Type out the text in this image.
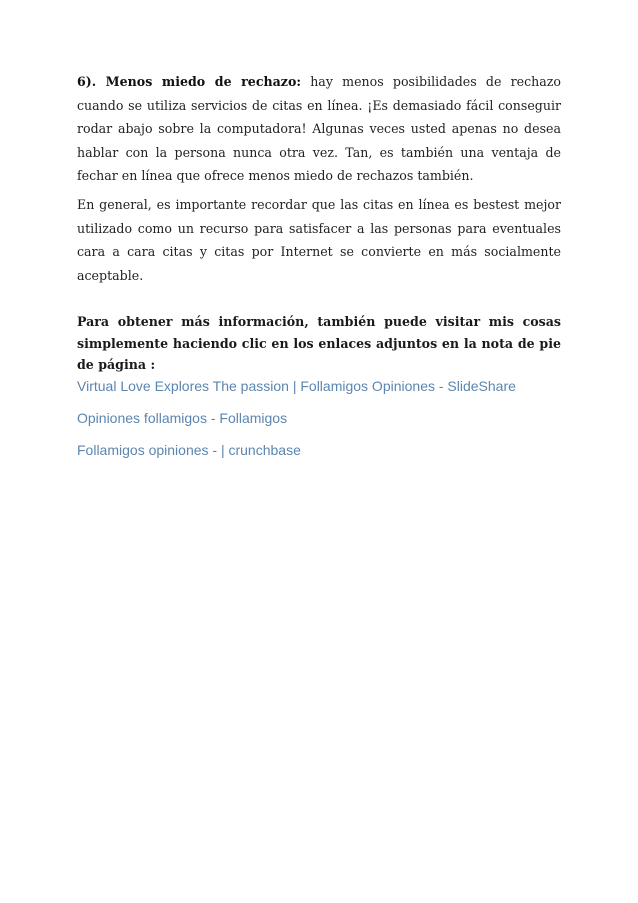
6). Menos miedo de rechazo: hay menos posibilidades de rechazo cuando se utiliza servicios de citas en línea. ¡Es demasiado fácil conseguir rodar abajo sobre la computadora! Algunas veces usted apenas no desea hablar con la persona nunca otra vez. Tan, es también una ventaja de fechar en línea que ofrece menos miedo de rechazos también.

En general, es importante recordar que las citas en línea es bestest mejor utilizado como un recurso para satisfacer a las personas para eventuales cara a cara citas y citas por Internet se convierte en más socialmente aceptable.

Para obtener más información, también puede visitar mis cosas simplemente haciendo clic en los enlaces adjuntos en la nota de pie de página :

Virtual Love Explores The passion | Follamigos Opiniones - SlideShare
Opiniones follamigos - Follamigos
Follamigos opiniones - | crunchbase
